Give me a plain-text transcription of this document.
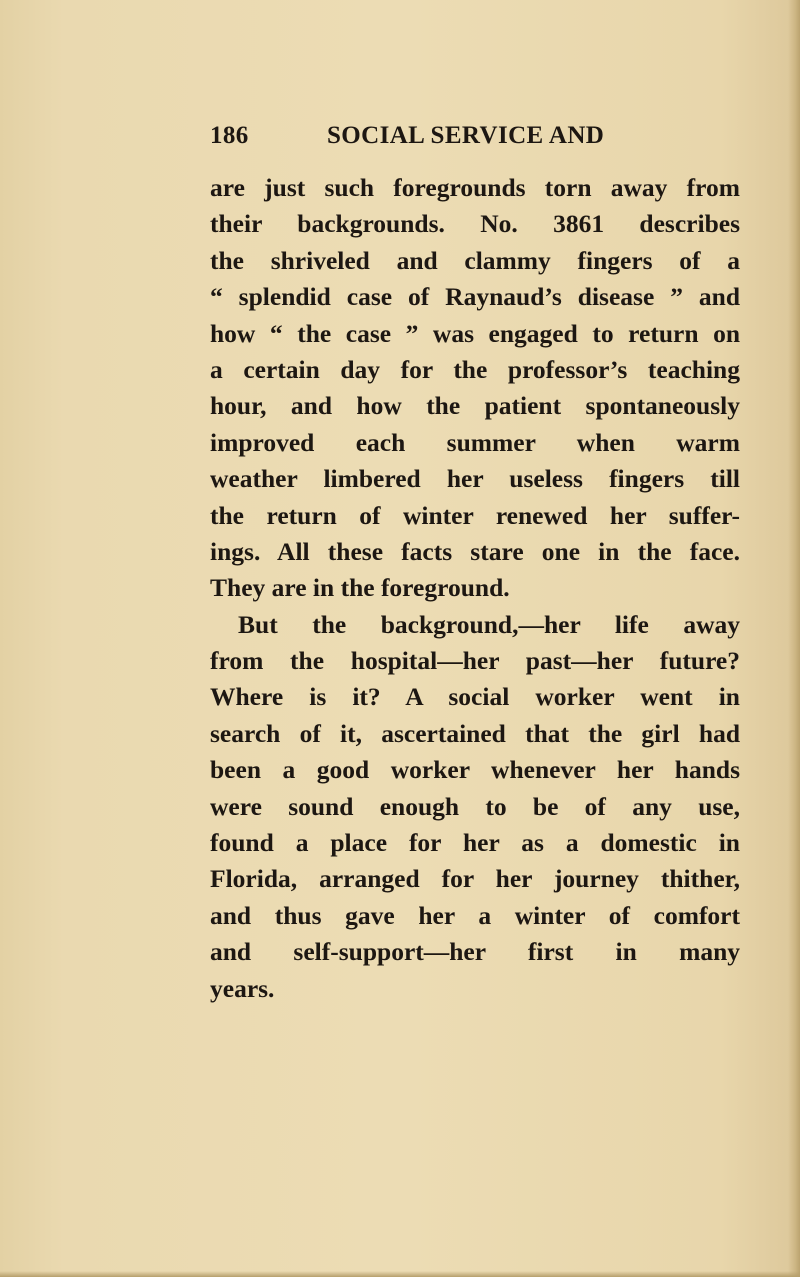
186	SOCIAL SERVICE AND
are just such foregrounds torn away from
their backgrounds. No. 3861 describes
the shriveled and clammy fingers of a
“ splendid case of Raynaud’s disease ” and
how “ the case ” was engaged to return on
a certain day for the professor’s teaching
hour, and how the patient spontaneously
improved each summer when warm
weather limbered her useless fingers till
the return of winter renewed her suffer-
ings. All these facts stare one in the face.
They are in the foreground.
But the background,—her life away
from the hospital—her past—her future?
Where is it? A social worker went in
search of it, ascertained that the girl had
been a good worker whenever her hands
were sound enough to be of any use,
found a place for her as a domestic in
Florida, arranged for her journey thither,
and thus gave her a winter of comfort
and self-support—her first in many
years.
